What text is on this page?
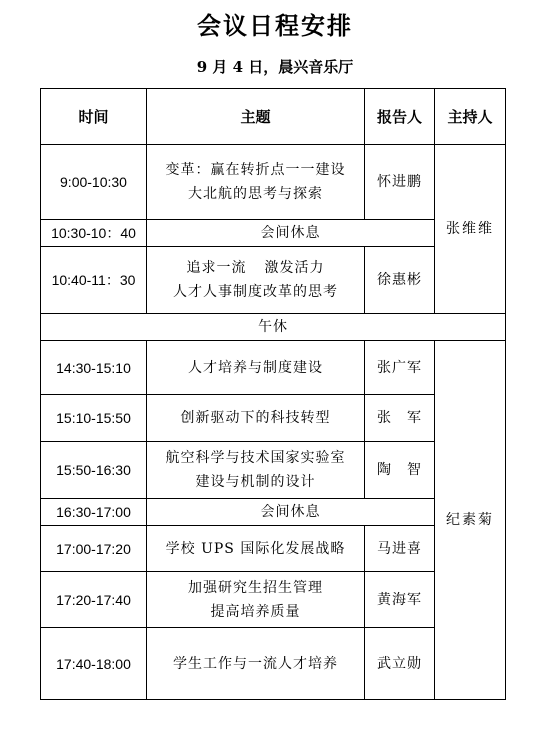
会议日程安排
9 月 4 日，晨兴音乐厅
时间	主题	报告人	主持人
9:00-10:30	变革：赢在转折点一一建设
大北航的思考与探索	怀进鹏	张维维
10:30-10：40	会间休息		
10:40-11：30	追求一流 激发活力
人才人事制度改革的思考	徐惠彬	
午休			
14:30-15:10	人才培养与制度建设	张广军	纪素菊
15:10-15:50	创新驱动下的科技转型	张　军	
15:50-16:30	航空科学与技术国家实验室
建设与机制的设计	陶　智	
16:30-17:00	会间休息		
17:00-17:20	学校 UPS 国际化发展战略	马进喜	
17:20-17:40	加强研究生招生管理
提高培养质量	黄海军	
17:40-18:00	学生工作与一流人才培养	武立勋	
